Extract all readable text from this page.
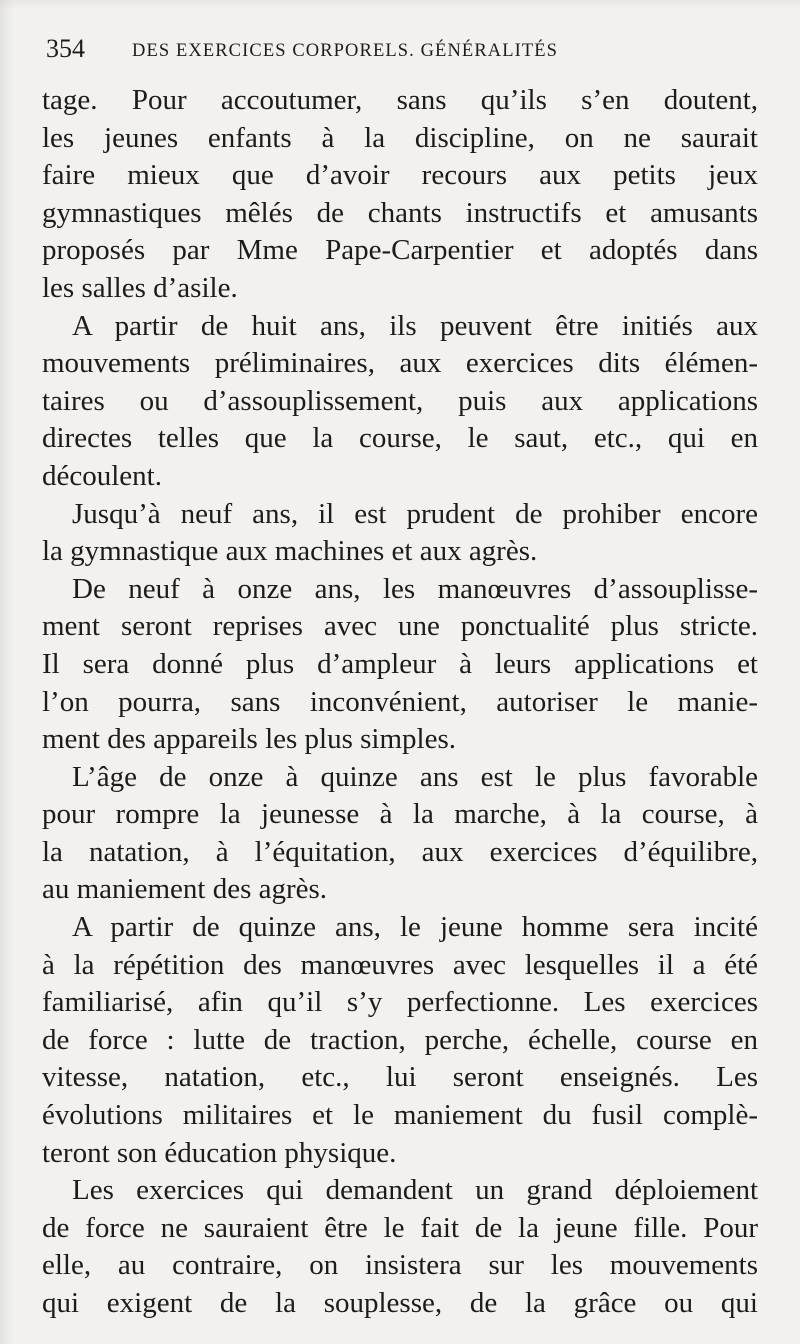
354	DES EXERCICES CORPORELS. GÉNÉRALITÉS
tage. Pour accoutumer, sans qu’ils s’en doutent,
les jeunes enfants à la discipline, on ne saurait
faire mieux que d’avoir recours aux petits jeux
gymnastiques mêlés de chants instructifs et amusants
proposés par Mme Pape-Carpentier et adoptés dans
les salles d’asile.
A partir de huit ans, ils peuvent être initiés aux
mouvements préliminaires, aux exercices dits élémen-
taires ou d’assouplissement, puis aux applications
directes telles que la course, le saut, etc., qui en
découlent.
Jusqu’à neuf ans, il est prudent de prohiber encore
la gymnastique aux machines et aux agrès.
De neuf à onze ans, les manœuvres d’assouplisse-
ment seront reprises avec une ponctualité plus stricte.
Il sera donné plus d’ampleur à leurs applications et
l’on pourra, sans inconvénient, autoriser le manie-
ment des appareils les plus simples.
L’âge de onze à quinze ans est le plus favorable
pour rompre la jeunesse à la marche, à la course, à
la natation, à l’équitation, aux exercices d’équilibre,
au maniement des agrès.
A partir de quinze ans, le jeune homme sera incité
à la répétition des manœuvres avec lesquelles il a été
familiarisé, afin qu’il s’y perfectionne. Les exercices
de force : lutte de traction, perche, échelle, course en
vitesse, natation, etc., lui seront enseignés. Les
évolutions militaires et le maniement du fusil complè-
teront son éducation physique.
Les exercices qui demandent un grand déploiement
de force ne sauraient être le fait de la jeune fille. Pour
elle, au contraire, on insistera sur les mouvements
qui exigent de la souplesse, de la grâce ou qui
